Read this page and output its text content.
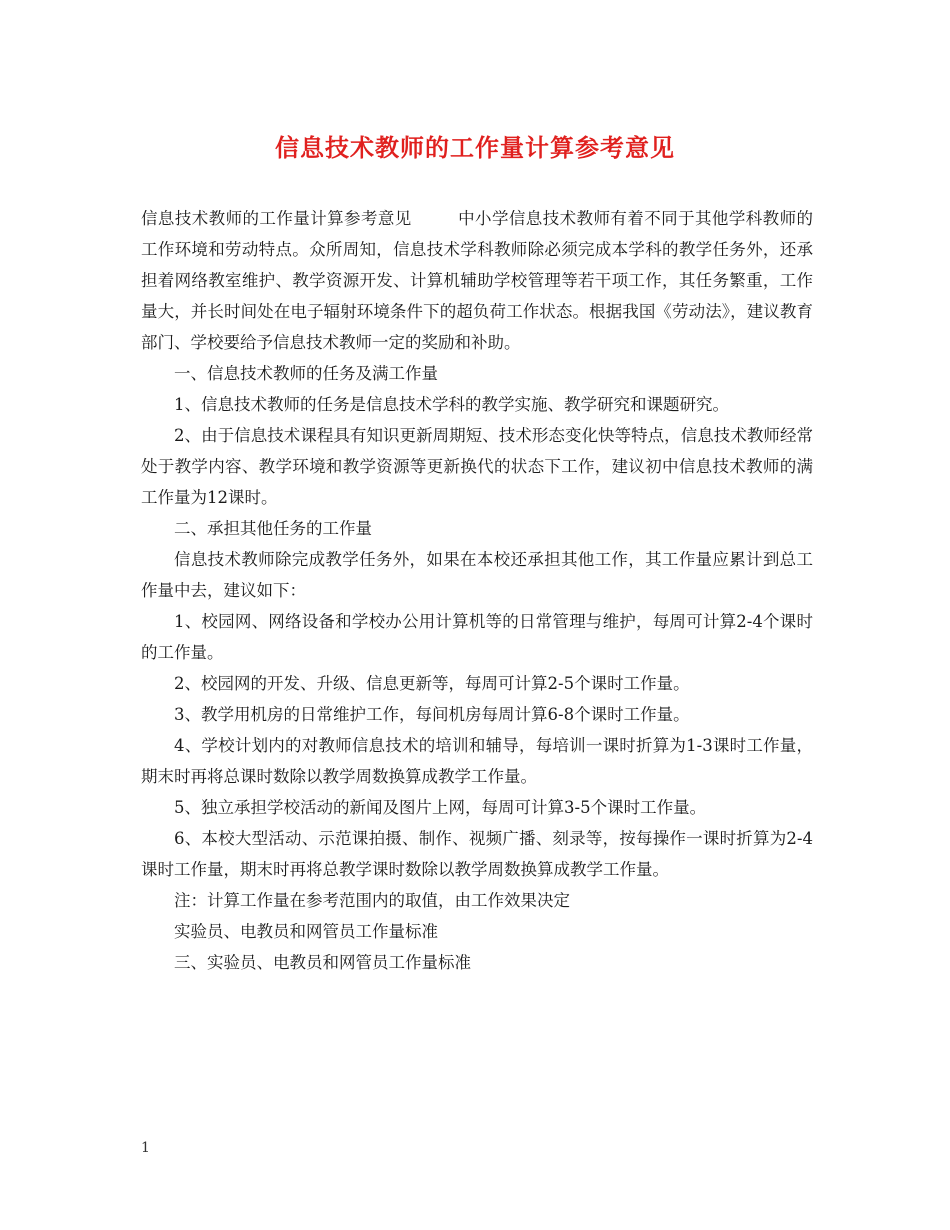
信息技术教师的工作量计算参考意见

信息技术教师的工作量计算参考意见	中小学信息技术教师有着不同于其他学科教师的工作环境和劳动特点。众所周知，信息技术学科教师除必须完成本学科的教学任务外，还承担着网络教室维护、教学资源开发、计算机辅助学校管理等若干项工作，其任务繁重，工作量大，并长时间处在电子辐射环境条件下的超负荷工作状态。根据我国《劳动法》，建议教育部门、学校要给予信息技术教师一定的奖励和补助。

一、信息技术教师的任务及满工作量

1、信息技术教师的任务是信息技术学科的教学实施、教学研究和课题研究。

2、由于信息技术课程具有知识更新周期短、技术形态变化快等特点，信息技术教师经常处于教学内容、教学环境和教学资源等更新换代的状态下工作，建议初中信息技术教师的满工作量为12课时。

二、承担其他任务的工作量

信息技术教师除完成教学任务外，如果在本校还承担其他工作，其工作量应累计到总工作量中去，建议如下：

1、校园网、网络设备和学校办公用计算机等的日常管理与维护，每周可计算2-4个课时的工作量。

2、校园网的开发、升级、信息更新等，每周可计算2-5个课时工作量。

3、教学用机房的日常维护工作，每间机房每周计算6-8个课时工作量。

4、学校计划内的对教师信息技术的培训和辅导，每培训一课时折算为1-3课时工作量，期末时再将总课时数除以教学周数换算成教学工作量。

5、独立承担学校活动的新闻及图片上网，每周可计算3-5个课时工作量。

6、本校大型活动、示范课拍摄、制作、视频广播、刻录等，按每操作一课时折算为2-4课时工作量，期末时再将总教学课时数除以教学周数换算成教学工作量。

注：计算工作量在参考范围内的取值，由工作效果决定

实验员、电教员和网管员工作量标准

三、实验员、电教员和网管员工作量标准

1
